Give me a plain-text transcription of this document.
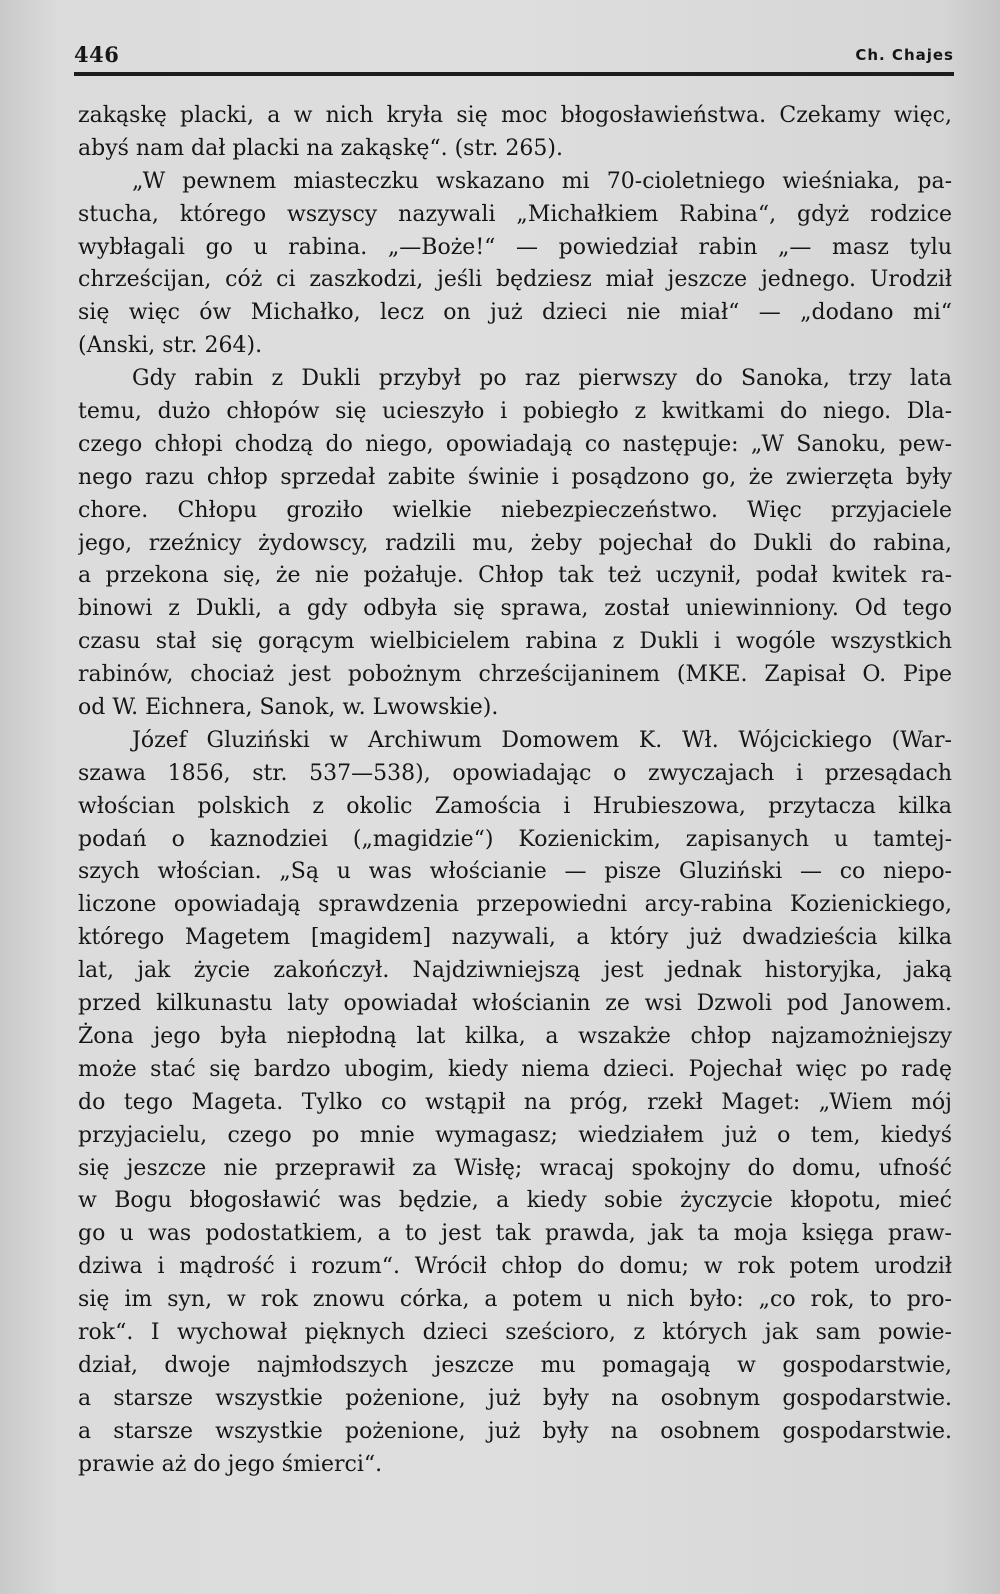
446	Ch. Chajes
zakąskę placki, a w nich kryła się moc błogosławieństwa. Czekamy więc,
abyś nam dał placki na zakąskę“. (str. 265).
„W pewnem miasteczku wskazano mi 70-cioletniego wieśniaka, pa-
stucha, którego wszyscy nazywali „Michałkiem Rabina“, gdyż rodzice
wybłagali go u rabina. „—Boże!“ — powiedział rabin „— masz tylu
chrześcijan, cóż ci zaszkodzi, jeśli będziesz miał jeszcze jednego. Urodził
się więc ów Michałko, lecz on już dzieci nie miał“ — „dodano mi“
(Anski, str. 264).
Gdy rabin z Dukli przybył po raz pierwszy do Sanoka, trzy lata
temu, dużo chłopów się ucieszyło i pobiegło z kwitkami do niego. Dla-
czego chłopi chodzą do niego, opowiadają co następuje: „W Sanoku, pew-
nego razu chłop sprzedał zabite świnie i posądzono go, że zwierzęta były
chore. Chłopu groziło wielkie niebezpieczeństwo. Więc przyjaciele
jego, rzeźnicy żydowscy, radzili mu, żeby pojechał do Dukli do rabina,
a przekona się, że nie pożałuje. Chłop tak też uczynił, podał kwitek ra-
binowi z Dukli, a gdy odbyła się sprawa, został uniewinniony. Od tego
czasu stał się gorącym wielbicielem rabina z Dukli i wogóle wszystkich
rabinów, chociaż jest pobożnym chrześcijaninem (MKE. Zapisał O. Pipe
od W. Eichnera, Sanok, w. Lwowskie).
Józef Gluziński w Archiwum Domowem K. Wł. Wójcickiego (War-
szawa 1856, str. 537—538), opowiadając o zwyczajach i przesądach
włościan polskich z okolic Zamościa i Hrubieszowa, przytacza kilka
podań o kaznodziei („magidzie“) Kozienickim, zapisanych u tamtej-
szych włościan. „Są u was włościanie — pisze Gluziński — co niepo-
liczone opowiadają sprawdzenia przepowiedni arcy-rabina Kozienickiego,
którego Magetem [magidem] nazywali, a który już dwadzieścia kilka
lat, jak życie zakończył. Najdziwniejszą jest jednak historyjka, jaką
przed kilkunastu laty opowiadał włościanin ze wsi Dzwoli pod Janowem.
Żona jego była niepłodną lat kilka, a wszakże chłop najzamożniejszy
może stać się bardzo ubogim, kiedy niema dzieci. Pojechał więc po radę
do tego Mageta. Tylko co wstąpił na próg, rzekł Maget: „Wiem mój
przyjacielu, czego po mnie wymagasz; wiedziałem już o tem, kiedyś
się jeszcze nie przeprawił za Wisłę; wracaj spokojny do domu, ufność
w Bogu błogosławić was będzie, a kiedy sobie życzycie kłopotu, mieć
go u was podostatkiem, a to jest tak prawda, jak ta moja księga praw-
dziwa i mądrość i rozum“. Wrócił chłop do domu; w rok potem urodził
się im syn, w rok znowu córka, a potem u nich było: „co rok, to pro-
rok“. I wychował pięknych dzieci sześcioro, z których jak sam powie-
dział, dwoje najmłodszych jeszcze mu pomagają w gospodarstwie,
a starsze wszystkie pożenione, już były na osobnym gospodarstwie.
a starsze wszystkie pożenione, już były na osobnem gospodarstwie.
prawie aż do jego śmierci“.
